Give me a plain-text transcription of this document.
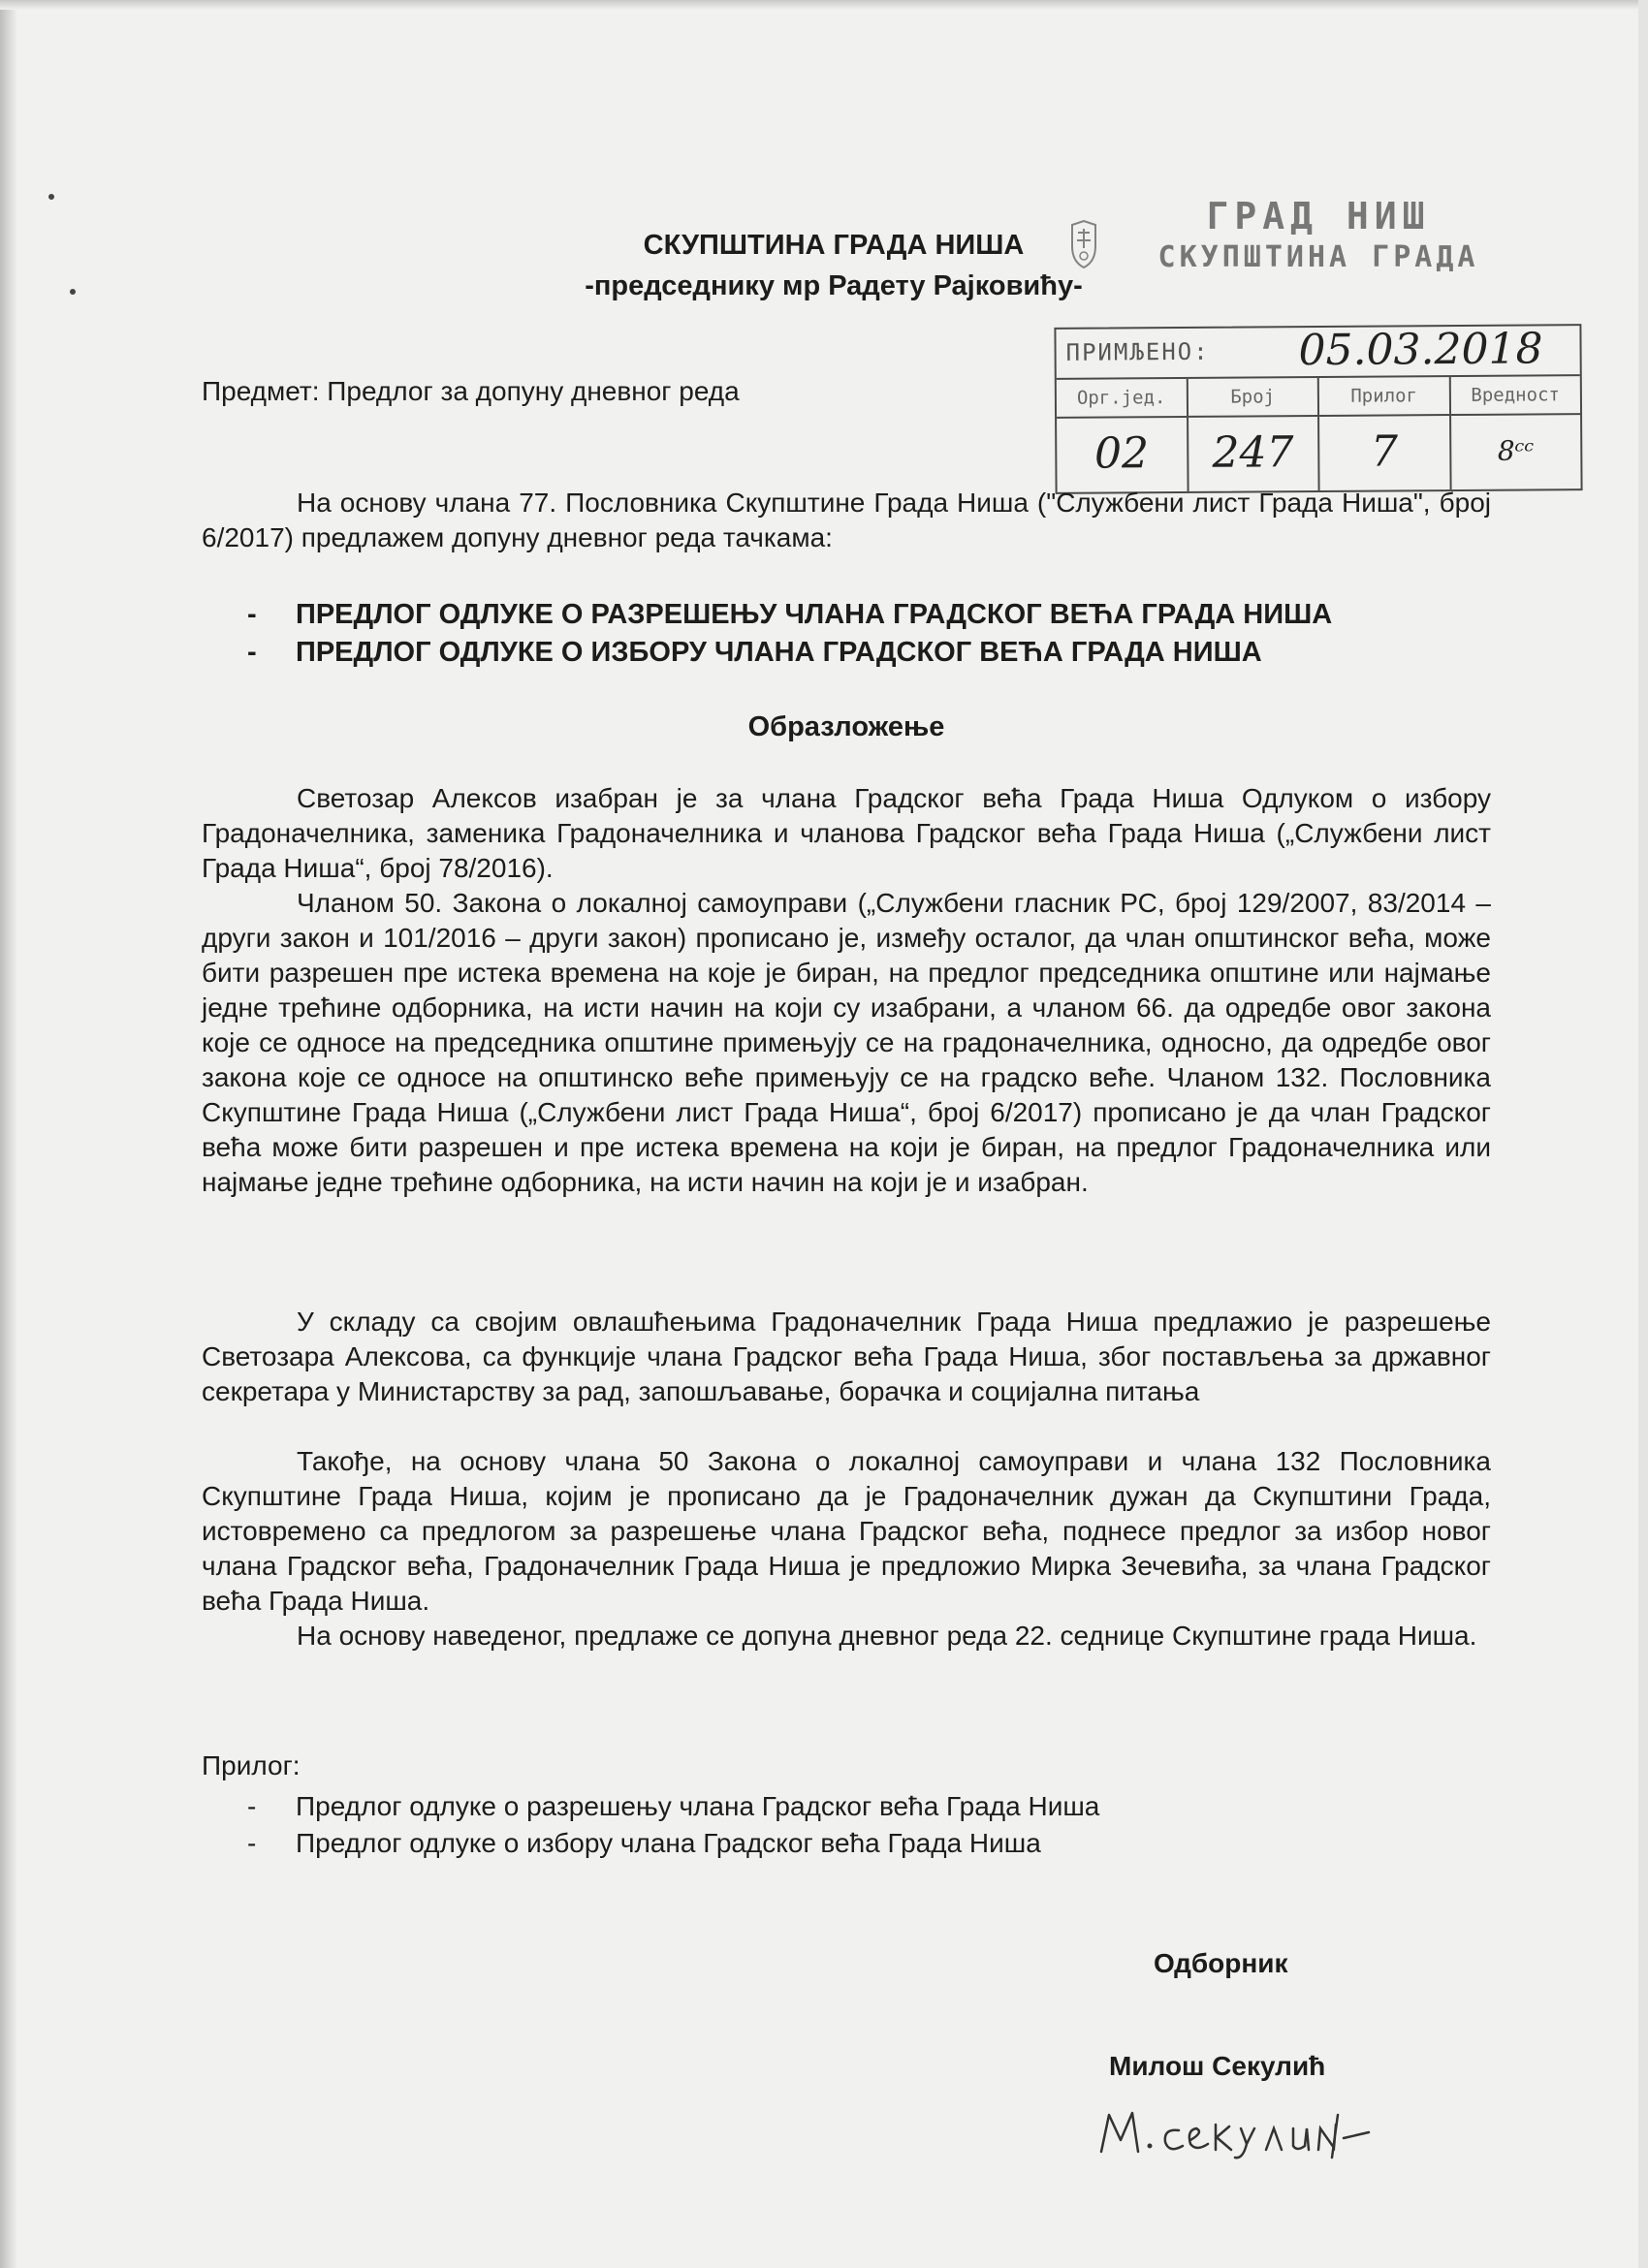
СКУПШТИНА ГРАДА НИША
-председнику мр Радету Рајковићу-
ГРАД НИШ
СКУПШТИНА ГРАДА
ПРИМЉЕНО: 05.03.2018
Орг.јед.
02
Број
247
Прилог
7
Вредност
8ᶜᶜ
Предмет: Предлог за допуну дневног реда
На основу члана 77. Пословника Скупштине Града Ниша ("Службени лист Града Ниша", број 6/2017) предлажем допуну дневног реда тачкама:
- ПРЕДЛОГ ОДЛУКЕ О РАЗРЕШЕЊУ ЧЛАНА ГРАДСКОГ ВЕЋА ГРАДА НИША
- ПРЕДЛОГ ОДЛУКЕ О ИЗБОРУ ЧЛАНА ГРАДСКОГ ВЕЋА ГРАДА НИША
Образложење
Светозар Алексов изабран је за члана Градског већа Града Ниша Одлуком о избору Градоначелника, заменика Градоначелника и чланова Градског већа Града Ниша („Службени лист Града Ниша“, број 78/2016).
Чланом 50. Закона о локалној самоуправи („Службени гласник РС, број 129/2007, 83/2014 – други закон и 101/2016 – други закон) прописано је, између осталог, да члан општинског већа, може бити разрешен пре истека времена на које је биран, на предлог председника општине или најмање једне трећине одборника, на исти начин на који су изабрани, а чланом 66. да одредбе овог закона које се односе на председника општине примењују се на градоначелника, односно, да одредбе овог закона које се односе на општинско веће примењују се на градско веће. Чланом 132. Пословника Скупштине Града Ниша („Службени лист Града Ниша“, број 6/2017) прописано је да члан Градског већа може бити разрешен и пре истека времена на који је биран, на предлог Градоначелника или најмање једне трећине одборника, на исти начин на који је и изабран.
У складу са својим овлашћењима Градоначелник Града Ниша предлажио је разрешење Светозара Алексова, са функције члана Градског већа Града Ниша, због постављења за државног секретара у Министарству за рад, запошљавање, борачка и социјална питања
Такође, на основу члана 50 Закона о локалној самоуправи и члана 132 Пословника Скупштине Града Ниша, којим је прописано да је Градоначелник дужан да Скупштини Града, истовремено са предлогом за разрешење члана Градског већа, поднесе предлог за избор новог члана Градског већа, Градоначелник Града Ниша је предложио Мирка Зечевића, за члана Градског већа Града Ниша.
На основу наведеног, предлаже се допуна дневног реда 22. седнице Скупштине града Ниша.
Прилог:
- Предлог одлуке о разрешењу члана Градског већа Града Ниша
- Предлог одлуке о избору члана Градског већа Града Ниша
Одборник
Милош Секулић
